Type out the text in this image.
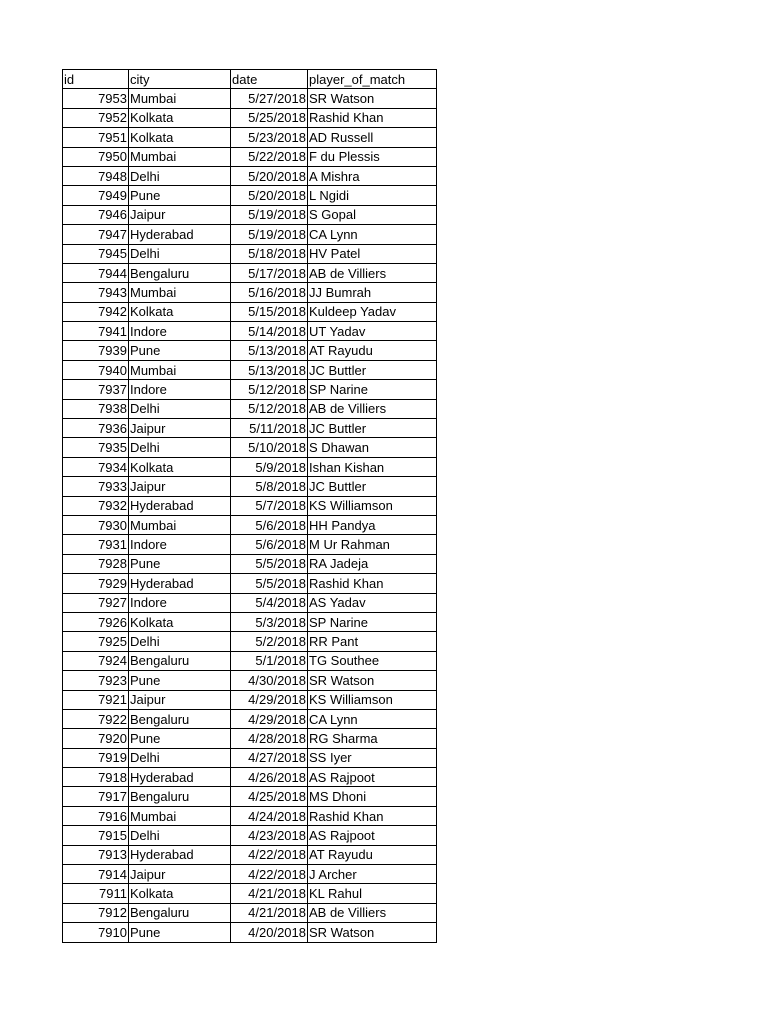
id	city	date	player_of_match
7953	Mumbai	5/27/2018	SR Watson
7952	Kolkata	5/25/2018	Rashid Khan
7951	Kolkata	5/23/2018	AD Russell
7950	Mumbai	5/22/2018	F du Plessis
7948	Delhi	5/20/2018	A Mishra
7949	Pune	5/20/2018	L Ngidi
7946	Jaipur	5/19/2018	S Gopal
7947	Hyderabad	5/19/2018	CA Lynn
7945	Delhi	5/18/2018	HV Patel
7944	Bengaluru	5/17/2018	AB de Villiers
7943	Mumbai	5/16/2018	JJ Bumrah
7942	Kolkata	5/15/2018	Kuldeep Yadav
7941	Indore	5/14/2018	UT Yadav
7939	Pune	5/13/2018	AT Rayudu
7940	Mumbai	5/13/2018	JC Buttler
7937	Indore	5/12/2018	SP Narine
7938	Delhi	5/12/2018	AB de Villiers
7936	Jaipur	5/11/2018	JC Buttler
7935	Delhi	5/10/2018	S Dhawan
7934	Kolkata	5/9/2018	Ishan Kishan
7933	Jaipur	5/8/2018	JC Buttler
7932	Hyderabad	5/7/2018	KS Williamson
7930	Mumbai	5/6/2018	HH Pandya
7931	Indore	5/6/2018	M Ur Rahman
7928	Pune	5/5/2018	RA Jadeja
7929	Hyderabad	5/5/2018	Rashid Khan
7927	Indore	5/4/2018	AS Yadav
7926	Kolkata	5/3/2018	SP Narine
7925	Delhi	5/2/2018	RR Pant
7924	Bengaluru	5/1/2018	TG Southee
7923	Pune	4/30/2018	SR Watson
7921	Jaipur	4/29/2018	KS Williamson
7922	Bengaluru	4/29/2018	CA Lynn
7920	Pune	4/28/2018	RG Sharma
7919	Delhi	4/27/2018	SS Iyer
7918	Hyderabad	4/26/2018	AS Rajpoot
7917	Bengaluru	4/25/2018	MS Dhoni
7916	Mumbai	4/24/2018	Rashid Khan
7915	Delhi	4/23/2018	AS Rajpoot
7913	Hyderabad	4/22/2018	AT Rayudu
7914	Jaipur	4/22/2018	J Archer
7911	Kolkata	4/21/2018	KL Rahul
7912	Bengaluru	4/21/2018	AB de Villiers
7910	Pune	4/20/2018	SR Watson
